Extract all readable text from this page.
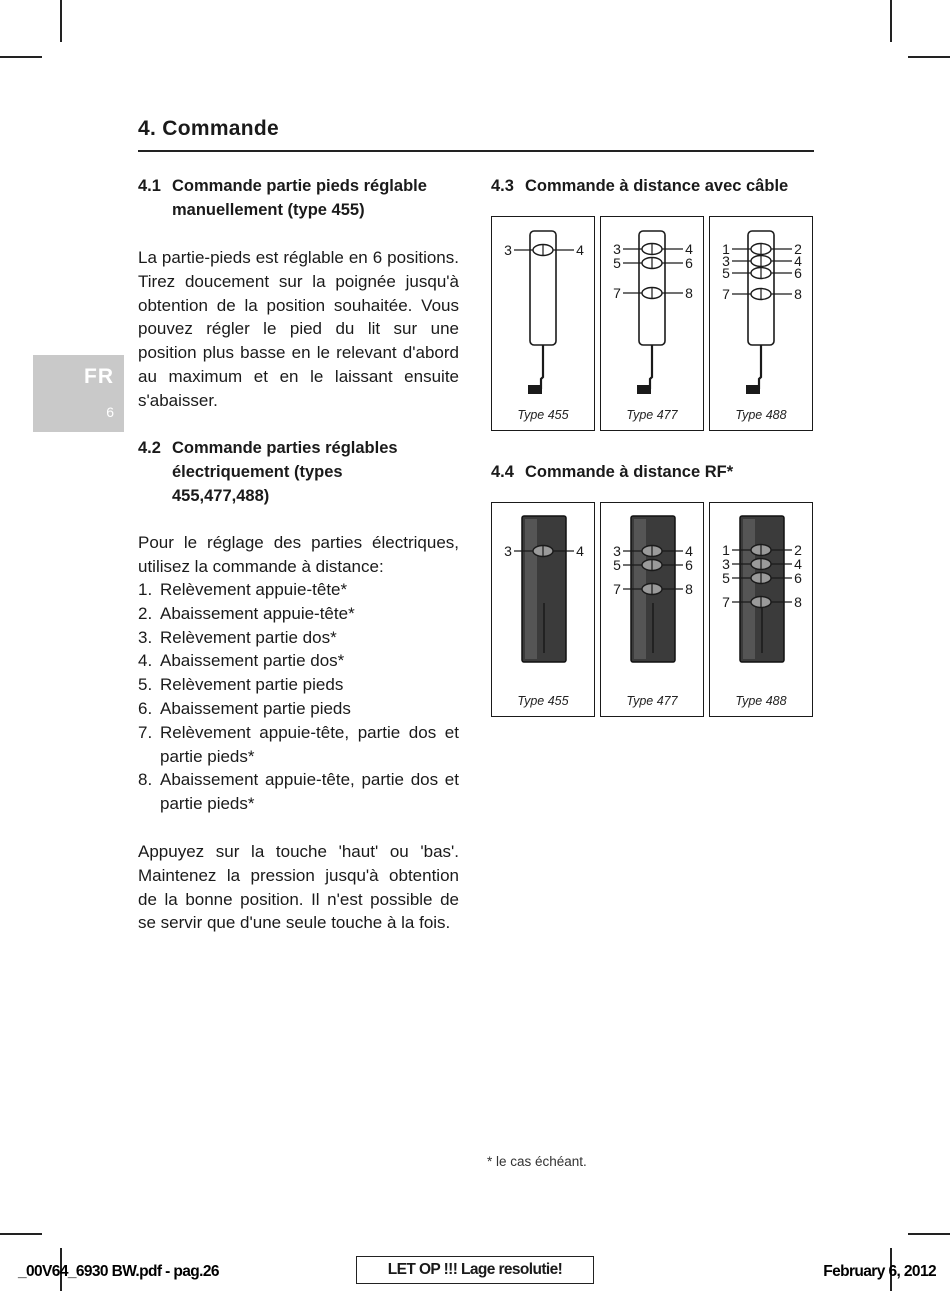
4. Commande
FR
6
4.1 Commande partie pieds réglable
manuellement (type 455)
La partie-pieds est réglable en 6 positions. Tirez doucement sur la poignée jusqu'à obtention de la position souhaitée. Vous pouvez régler le pied du lit sur une position plus basse en le relevant d'abord au maximum et en le laissant ensuite s'abaisser.
4.2 Commande parties réglables
électriquement (types
455,477,488)
Pour le réglage des parties électriques, utilisez la commande à distance:
1. Relèvement appuie-tête*
2. Abaissement appuie-tête*
3. Relèvement partie dos*
4. Abaissement partie dos*
5. Relèvement partie pieds
6. Abaissement partie pieds
7. Relèvement appuie-tête, partie dos et partie pieds*
8. Abaissement appuie-tête, partie dos et partie pieds*
Appuyez sur la touche 'haut' ou 'bas'. Maintenez la pression jusqu'à obtention de la bonne position. Il n'est possible de se servir que d'une seule touche à la fois.
4.3 Commande à distance avec câble
3	4
Type 455
3	4
5	6
7	8
Type 477
1	2
3	4
5	6
7	8
Type 488
4.4 Commande à distance RF*
3	4
Type 455
3	4
5	6
7	8
Type 477
1	2
3	4
5	6
7	8
Type 488
* le cas échéant.
_00V64_6930 BW.pdf - pag.26	LET OP !!! Lage resolutie!	February 6, 2012
